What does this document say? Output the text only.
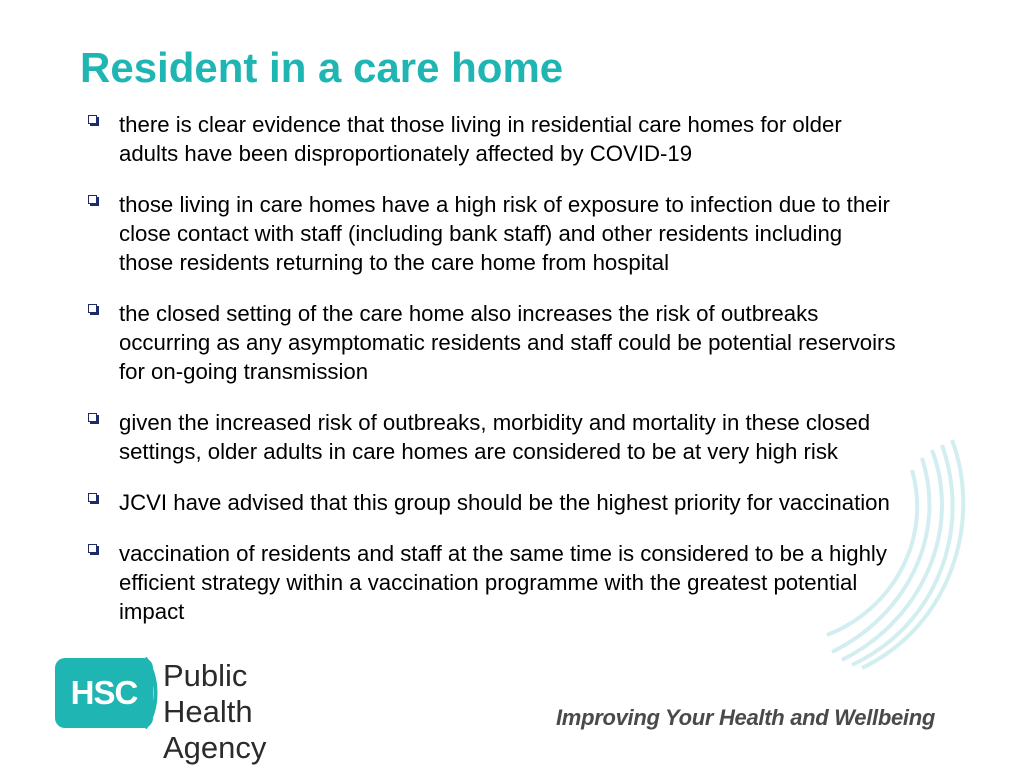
Resident in a care home
there is clear evidence that those living in residential care homes for older
adults have been disproportionately affected by COVID-19
those living in care homes have a high risk of exposure to infection due to their
close contact with staff (including bank staff) and other residents including
those residents returning to the care home from hospital
the closed setting of the care home also increases the risk of outbreaks
occurring as any asymptomatic residents and staff could be potential reservoirs
for on-going transmission
given the increased risk of outbreaks, morbidity and mortality in these closed
settings, older adults in care homes are considered to be at very high risk
JCVI have advised that this group should be the highest priority for vaccination
vaccination of residents and staff at the same time is considered to be a highly
efficient strategy within a vaccination programme with the greatest potential
impact
HSC Public Health
Agency
Improving Your Health and Wellbeing
